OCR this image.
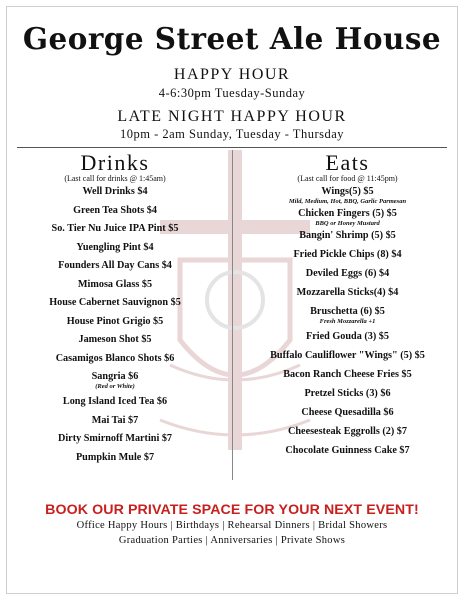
George Street Ale House
HAPPY HOUR
4-6:30pm Tuesday-Sunday
LATE NIGHT HAPPY HOUR
10pm - 2am Sunday, Tuesday - Thursday
Drinks
(Last call for drinks @ 1:45am)
Eats
(Last call for food @ 11:45pm)
Well Drinks $4
Green Tea Shots $4
So. Tier Nu Juice IPA Pint $5
Yuengling Pint $4
Founders All Day Cans $4
Mimosa Glass $5
House Cabernet Sauvignon $5
House Pinot Grigio $5
Jameson Shot $5
Casamigos Blanco Shots $6
Sangria $6
(Red or White)
Long Island Iced Tea $6
Mai Tai $7
Dirty Smirnoff Martini $7
Pumpkin Mule $7
Wings(5) $5
Mild, Medium, Hot, BBQ, Garlic Parmesan
Chicken Fingers (5) $5
BBQ or Honey Mustard
Bangin' Shrimp (5) $5
Fried Pickle Chips (8) $4
Deviled Eggs (6) $4
Mozzarella Sticks(4) $4
Bruschetta (6) $5
Fresh Mozzarella +1
Fried Gouda (3) $5
Buffalo Cauliflower "Wings" (5) $5
Bacon Ranch Cheese Fries $5
Pretzel Sticks (3) $6
Cheese Quesadilla $6
Cheesesteak Eggrolls (2) $7
Chocolate Guinness Cake $7
BOOK OUR PRIVATE SPACE FOR YOUR NEXT EVENT!
Office Happy Hours | Birthdays | Rehearsal Dinners | Bridal Showers
Graduation Parties | Anniversaries | Private Shows
